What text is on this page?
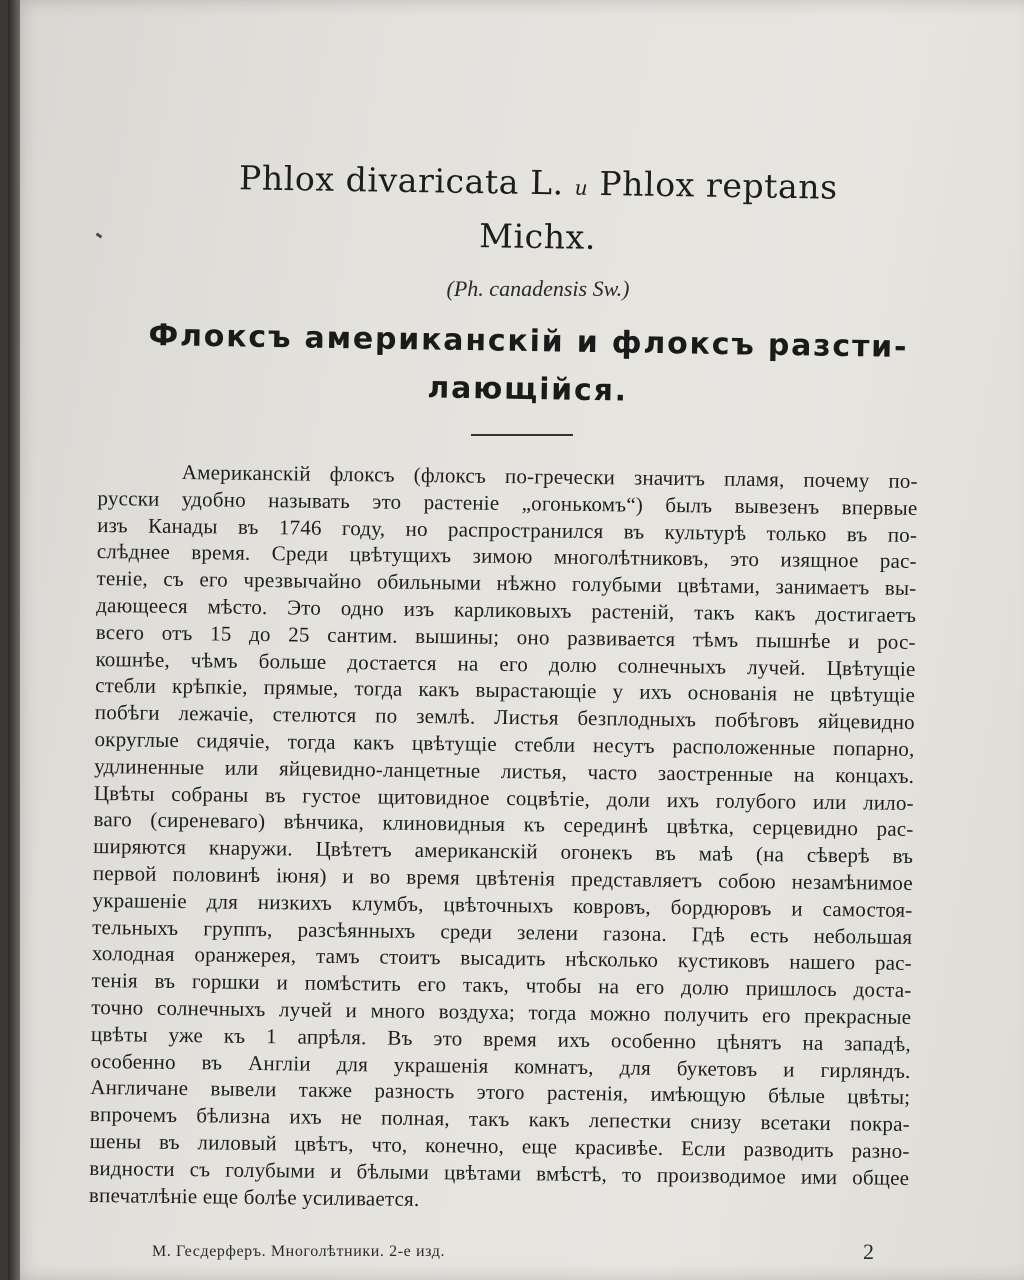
Phlox divaricata L. и Phlox reptans
Michx.
(Ph. canadensis Sw.)
Флоксъ американскій и флоксъ разсти-
лающійся.
Американскій флоксъ (флоксъ по-гречески значитъ пламя, почему по-
русски удобно называть это растеніе „огонькомъ“) былъ вывезенъ впервые
изъ Канады въ 1746 году, но распространился въ культурѣ только въ по-
слѣднее время. Среди цвѣтущихъ зимою многолѣтниковъ, это изящное рас-
теніе, съ его чрезвычайно обильными нѣжно голубыми цвѣтами, занимаетъ вы-
дающееся мѣсто. Это одно изъ карликовыхъ растеній, такъ какъ достигаетъ
всего отъ 15 до 25 сантим. вышины; оно развивается тѣмъ пышнѣе и рос-
кошнѣе, чѣмъ больше достается на его долю солнечныхъ лучей. Цвѣтущіе
стебли крѣпкіе, прямые, тогда какъ вырастающіе у ихъ основанія не цвѣтущіе
побѣги лежачіе, стелются по землѣ. Листья безплодныхъ побѣговъ яйцевидно
округлые сидячіе, тогда какъ цвѣтущіе стебли несутъ расположенные попарно,
удлиненные или яйцевидно-ланцетные листья, часто заостренные на концахъ.
Цвѣты собраны въ густое щитовидное соцвѣтіе, доли ихъ голубого или лило-
ваго (сиреневаго) вѣнчика, клиновидныя къ серединѣ цвѣтка, серцевидно рас-
ширяются кнаружи. Цвѣтетъ американскій огонекъ въ маѣ (на сѣверѣ въ
первой половинѣ іюня) и во время цвѣтенія представляетъ собою незамѣнимое
украшеніе для низкихъ клумбъ, цвѣточныхъ ковровъ, бордюровъ и самостоя-
тельныхъ группъ, разсѣянныхъ среди зелени газона. Гдѣ есть небольшая
холодная оранжерея, тамъ стоитъ высадить нѣсколько кустиковъ нашего рас-
тенія въ горшки и помѣстить его такъ, чтобы на его долю пришлось доста-
точно солнечныхъ лучей и много воздуха; тогда можно получить его прекрасные
цвѣты уже къ 1 апрѣля. Въ это время ихъ особенно цѣнятъ на западѣ,
особенно въ Англіи для украшенія комнатъ, для букетовъ и гирляндъ.
Англичане вывели также разность этого растенія, имѣющую бѣлые цвѣты;
впрочемъ бѣлизна ихъ не полная, такъ какъ лепестки снизу всетаки покра-
шены въ лиловый цвѣтъ, что, конечно, еще красивѣе. Если разводить разно-
видности съ голубыми и бѣлыми цвѣтами вмѣстѣ, то производимое ими общее
впечатлѣніе еще болѣе усиливается.
М. Гесдерферъ. Многолѣтники. 2-е изд.	2
